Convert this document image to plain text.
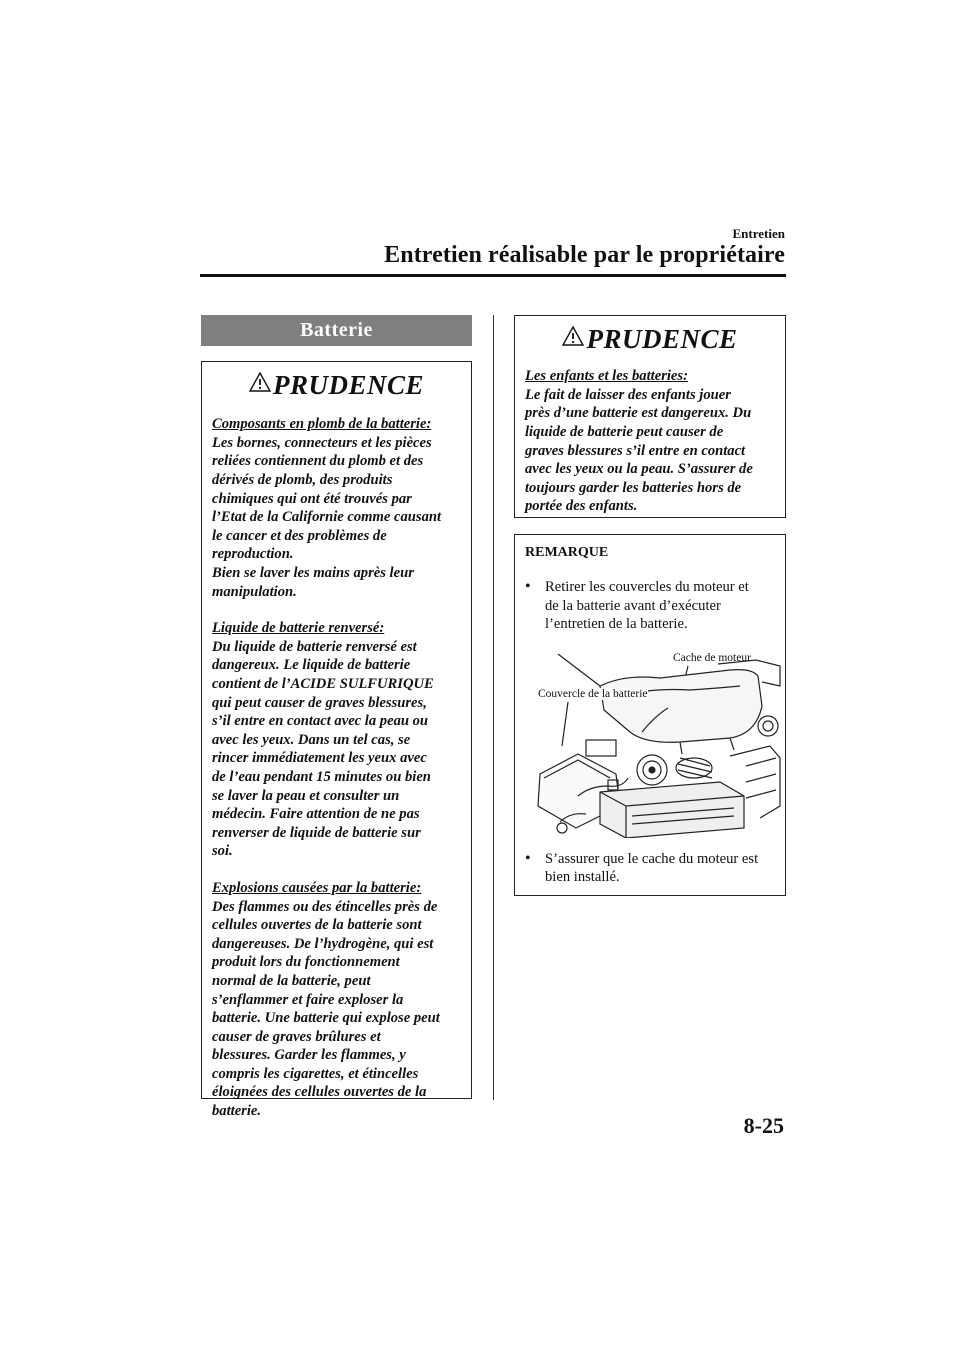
Entretien
Entretien réalisable par le propriétaire
Batterie
PRUDENCE

Composants en plomb de la batterie:

Les bornes, connecteurs et les pièces

reliées contiennent du plomb et des

dérivés de plomb, des produits

chimiques qui ont été trouvés par

l’Etat de la Californie comme causant

le cancer et des problèmes de

reproduction.

Bien se laver les mains après leur

manipulation.

Liquide de batterie renversé:

Du liquide de batterie renversé est

dangereux. Le liquide de batterie

contient de l’ACIDE SULFURIQUE

qui peut causer de graves blessures,

s’il entre en contact avec la peau ou

avec les yeux. Dans un tel cas, se

rincer immédiatement les yeux avec

de l’eau pendant 15 minutes ou bien

se laver la peau et consulter un

médecin. Faire attention de ne pas

renverser de liquide de batterie sur

soi.

Explosions causées par la batterie:

Des flammes ou des étincelles près de

cellules ouvertes de la batterie sont

dangereuses. De l’hydrogène, qui est

produit lors du fonctionnement

normal de la batterie, peut

s’enflammer et faire exploser la

batterie. Une batterie qui explose peut

causer de graves brûlures et

blessures. Garder les flammes, y

compris les cigarettes, et étincelles

éloignées des cellules ouvertes de la

batterie.

PRUDENCE

Les enfants et les batteries:

Le fait de laisser des enfants jouer

près d’une batterie est dangereux. Du

liquide de batterie peut causer de

graves blessures s’il entre en contact

avec les yeux ou la peau. S’assurer de

toujours garder les batteries hors de

portée des enfants.

REMARQUE
• Retirer les couvercles du moteur et
de la batterie avant d’exécuter
l’entretien de la batterie.
Cache de moteur
Couvercle de la batterie
• S’assurer que le cache du moteur est
bien installé.
8-25
